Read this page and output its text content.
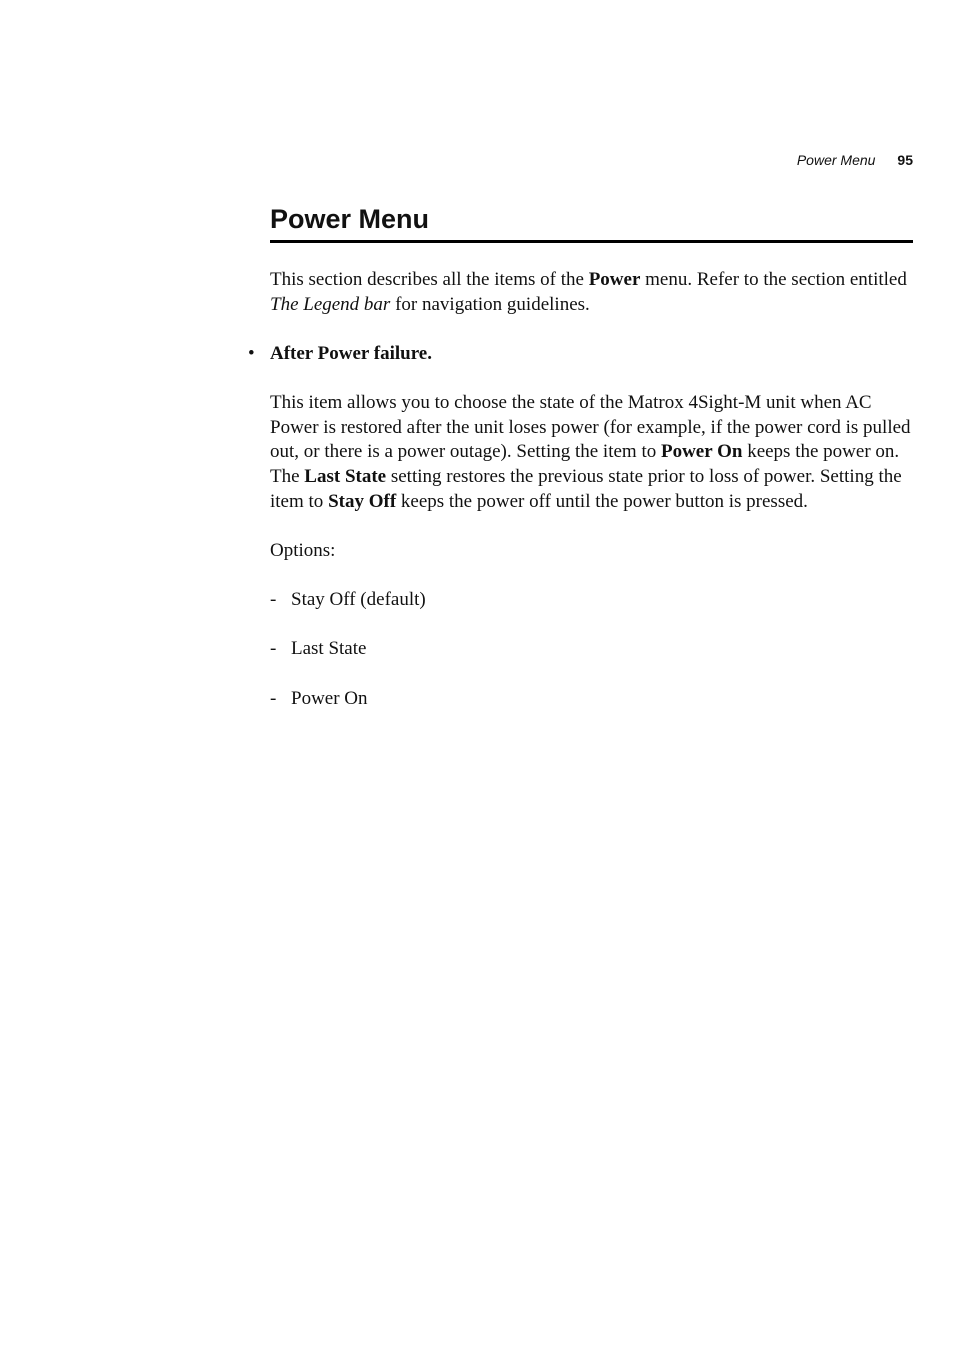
Power Menu 95
Power Menu

This section describes all the items of the Power menu. Refer to the section entitled The Legend bar for navigation guidelines.

• After Power failure.

This item allows you to choose the state of the Matrox 4Sight-M unit when AC Power is restored after the unit loses power (for example, if the power cord is pulled out, or there is a power outage). Setting the item to Power On keeps the power on. The Last State setting restores the previous state prior to loss of power. Setting the item to Stay Off keeps the power off until the power button is pressed.

Options:

- Stay Off (default)
- Last State
- Power On
